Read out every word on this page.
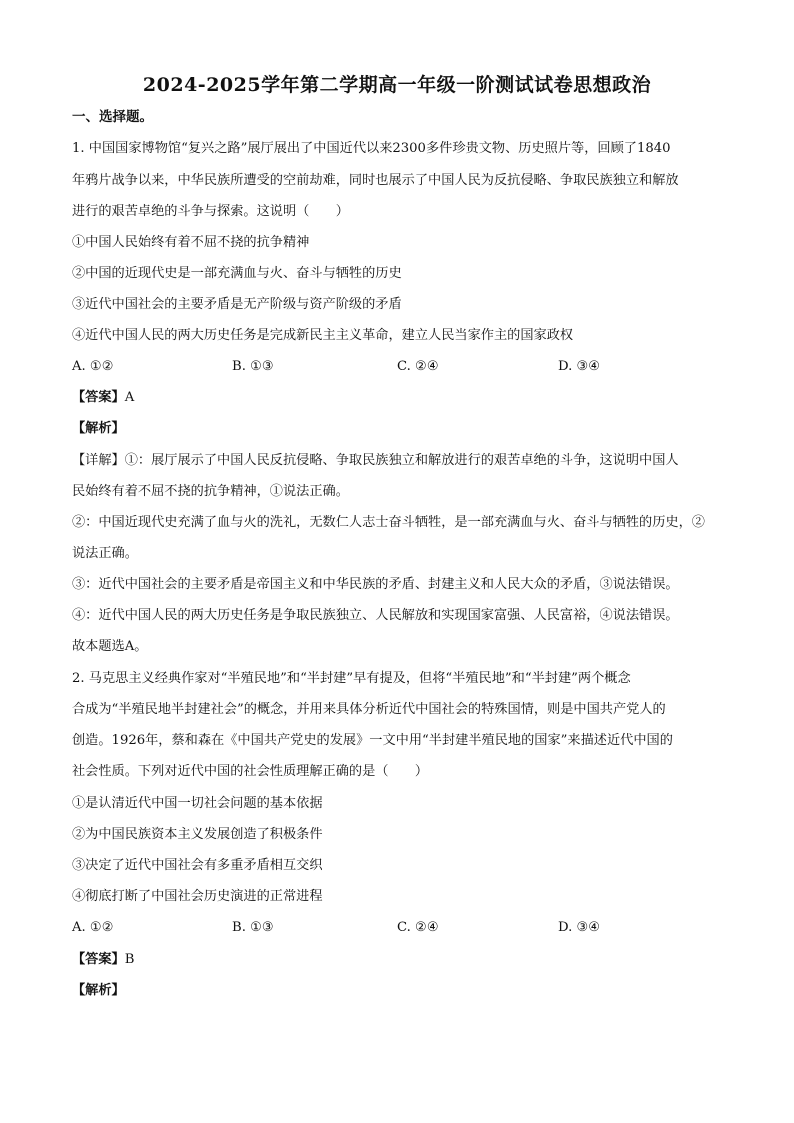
2024-2025学年第二学期高一年级一阶测试试卷思想政治
一、选择题。
1. 中国国家博物馆“复兴之路”展厅展出了中国近代以来2300多件珍贵文物、历史照片等，回顾了1840
年鸦片战争以来，中华民族所遭受的空前劫难，同时也展示了中国人民为反抗侵略、争取民族独立和解放
进行的艰苦卓绝的斗争与探索。这说明（　　）
①中国人民始终有着不屈不挠的抗争精神
②中国的近现代史是一部充满血与火、奋斗与牺牲的历史
③近代中国社会的主要矛盾是无产阶级与资产阶级的矛盾
④近代中国人民的两大历史任务是完成新民主主义革命，建立人民当家作主的国家政权
A. ①②	B. ①③	C. ②④	D. ③④
【答案】A
【解析】
【详解】①：展厅展示了中国人民反抗侵略、争取民族独立和解放进行的艰苦卓绝的斗争，这说明中国人
民始终有着不屈不挠的抗争精神，①说法正确。
②：中国近现代史充满了血与火的洗礼，无数仁人志士奋斗牺牲，是一部充满血与火、奋斗与牺牲的历史，②
说法正确。
③：近代中国社会的主要矛盾是帝国主义和中华民族的矛盾、封建主义和人民大众的矛盾，③说法错误。
④：近代中国人民的两大历史任务是争取民族独立、人民解放和实现国家富强、人民富裕，④说法错误。
故本题选A。
2. 马克思主义经典作家对“半殖民地”和“半封建”早有提及，但将“半殖民地”和“半封建”两个概念
合成为“半殖民地半封建社会”的概念，并用来具体分析近代中国社会的特殊国情，则是中国共产党人的
创造。1926年，蔡和森在《中国共产党史的发展》一文中用“半封建半殖民地的国家”来描述近代中国的
社会性质。下列对近代中国的社会性质理解正确的是（　　）
①是认清近代中国一切社会问题的基本依据
②为中国民族资本主义发展创造了积极条件
③决定了近代中国社会有多重矛盾相互交织
④彻底打断了中国社会历史演进的正常进程
A. ①②	B. ①③	C. ②④	D. ③④
【答案】B
【解析】
